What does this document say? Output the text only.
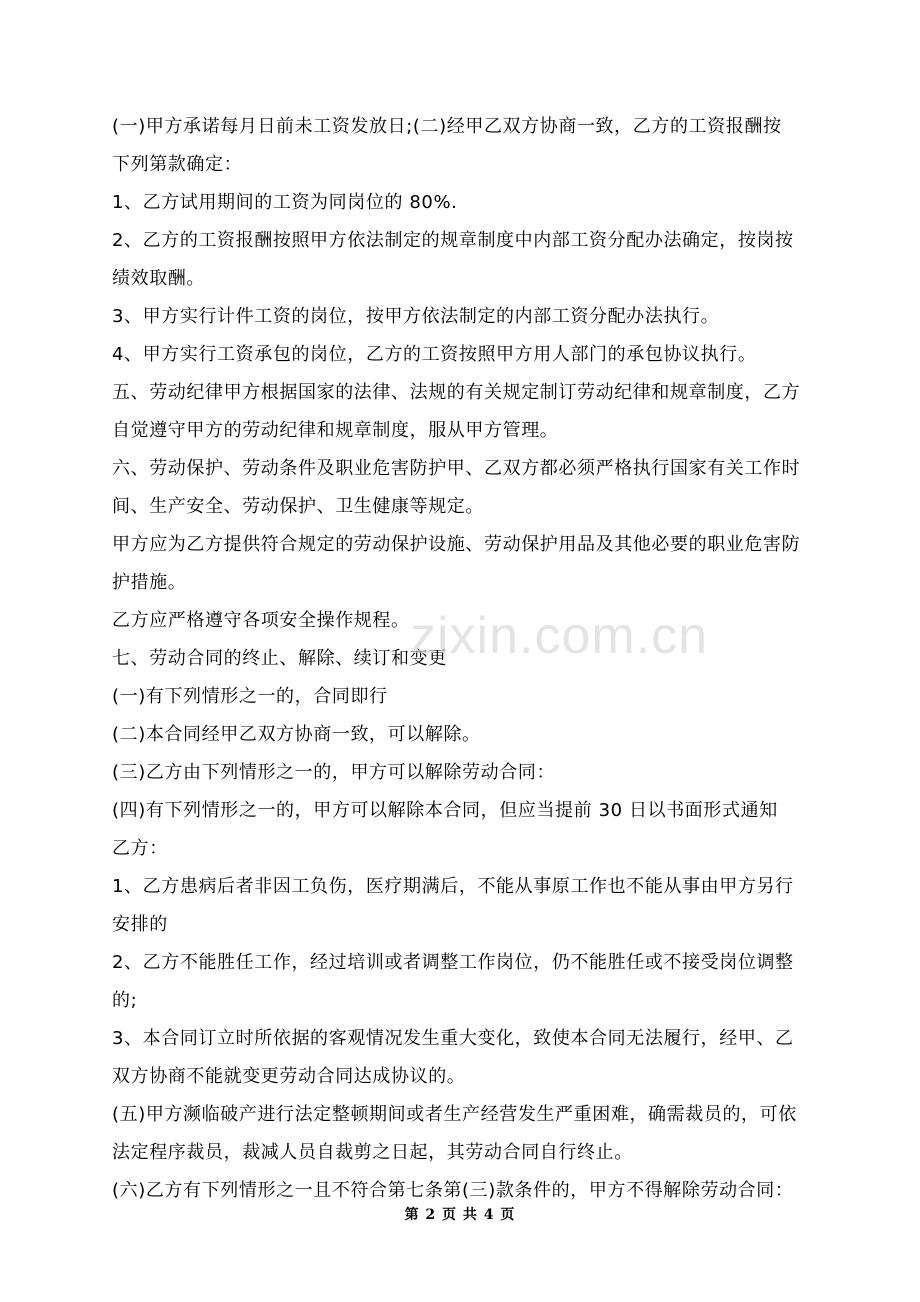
(一)甲方承诺每月日前未工资发放日;(二)经甲乙双方协商一致，乙方的工资报酬按
下列第款确定：
1、乙方试用期间的工资为同岗位的 80%.
2、乙方的工资报酬按照甲方依法制定的规章制度中内部工资分配办法确定，按岗按
绩效取酬。
3、甲方实行计件工资的岗位，按甲方依法制定的内部工资分配办法执行。
4、甲方实行工资承包的岗位，乙方的工资按照甲方用人部门的承包协议执行。
五、劳动纪律甲方根据国家的法律、法规的有关规定制订劳动纪律和规章制度，乙方
自觉遵守甲方的劳动纪律和规章制度，服从甲方管理。
六、劳动保护、劳动条件及职业危害防护甲、乙双方都必须严格执行国家有关工作时
间、生产安全、劳动保护、卫生健康等规定。
甲方应为乙方提供符合规定的劳动保护设施、劳动保护用品及其他必要的职业危害防
护措施。
乙方应严格遵守各项安全操作规程。
七、劳动合同的终止、解除、续订和变更
(一)有下列情形之一的，合同即行
(二)本合同经甲乙双方协商一致，可以解除。
(三)乙方由下列情形之一的，甲方可以解除劳动合同：
(四)有下列情形之一的，甲方可以解除本合同，但应当提前 30 日以书面形式通知
乙方：
1、乙方患病后者非因工负伤，医疗期满后，不能从事原工作也不能从事由甲方另行
安排的
2、乙方不能胜任工作，经过培训或者调整工作岗位，仍不能胜任或不接受岗位调整
的;
3、本合同订立时所依据的客观情况发生重大变化，致使本合同无法履行，经甲、乙
双方协商不能就变更劳动合同达成协议的。
(五)甲方濒临破产进行法定整顿期间或者生产经营发生严重困难，确需裁员的，可依
法定程序裁员，裁减人员自裁剪之日起，其劳动合同自行终止。
(六)乙方有下列情形之一且不符合第七条第(三)款条件的，甲方不得解除劳动合同：
zixin.com.cn
第 2 页 共 4 页
